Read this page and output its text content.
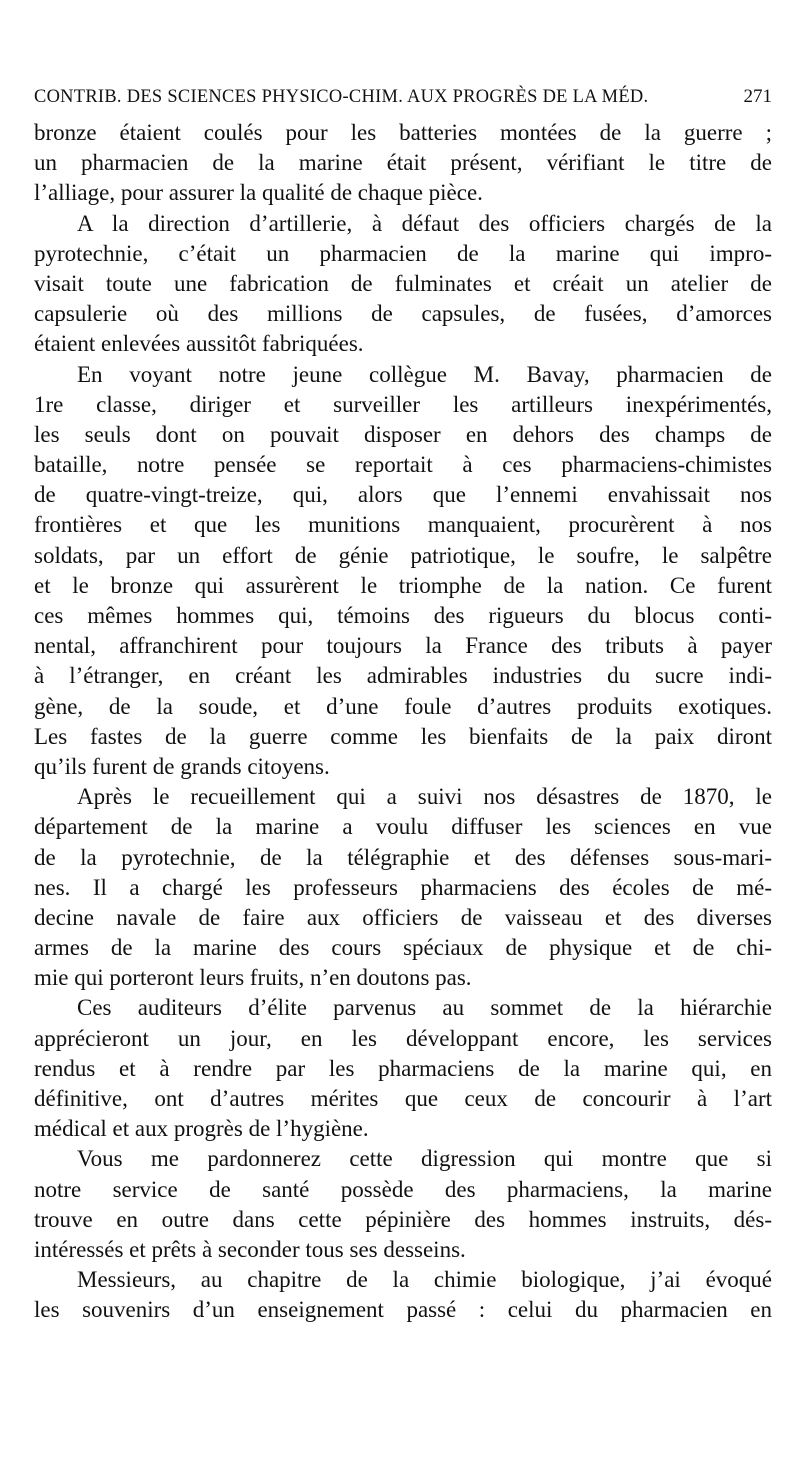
CONTRIB. DES SCIENCES PHYSICO-CHIM. AUX PROGRÈS DE LA MÉD.	271
bronze étaient coulés pour les batteries montées de la guerre ;
un pharmacien de la marine était présent, vérifiant le titre de
l’alliage, pour assurer la qualité de chaque pièce.
A la direction d’artillerie, à défaut des officiers chargés de la
pyrotechnie, c’était un pharmacien de la marine qui impro-
visait toute une fabrication de fulminates et créait un atelier de
capsulerie où des millions de capsules, de fusées, d’amorces
étaient enlevées aussitôt fabriquées.
En voyant notre jeune collègue M. Bavay, pharmacien de
1re classe, diriger et surveiller les artilleurs inexpérimentés,
les seuls dont on pouvait disposer en dehors des champs de
bataille, notre pensée se reportait à ces pharmaciens-chimistes
de quatre-vingt-treize, qui, alors que l’ennemi envahissait nos
frontières et que les munitions manquaient, procurèrent à nos
soldats, par un effort de génie patriotique, le soufre, le salpêtre
et le bronze qui assurèrent le triomphe de la nation. Ce furent
ces mêmes hommes qui, témoins des rigueurs du blocus conti-
nental, affranchirent pour toujours la France des tributs à payer
à l’étranger, en créant les admirables industries du sucre indi-
gène, de la soude, et d’une foule d’autres produits exotiques.
Les fastes de la guerre comme les bienfaits de la paix diront
qu’ils furent de grands citoyens.
Après le recueillement qui a suivi nos désastres de 1870, le
département de la marine a voulu diffuser les sciences en vue
de la pyrotechnie, de la télégraphie et des défenses sous-mari-
nes. Il a chargé les professeurs pharmaciens des écoles de mé-
decine navale de faire aux officiers de vaisseau et des diverses
armes de la marine des cours spéciaux de physique et de chi-
mie qui porteront leurs fruits, n’en doutons pas.
Ces auditeurs d’élite parvenus au sommet de la hiérarchie
apprécieront un jour, en les développant encore, les services
rendus et à rendre par les pharmaciens de la marine qui, en
définitive, ont d’autres mérites que ceux de concourir à l’art
médical et aux progrès de l’hygiène.
Vous me pardonnerez cette digression qui montre que si
notre service de santé possède des pharmaciens, la marine
trouve en outre dans cette pépinière des hommes instruits, dés-
intéressés et prêts à seconder tous ses desseins.
Messieurs, au chapitre de la chimie biologique, j’ai évoqué
les souvenirs d’un enseignement passé : celui du pharmacien en
